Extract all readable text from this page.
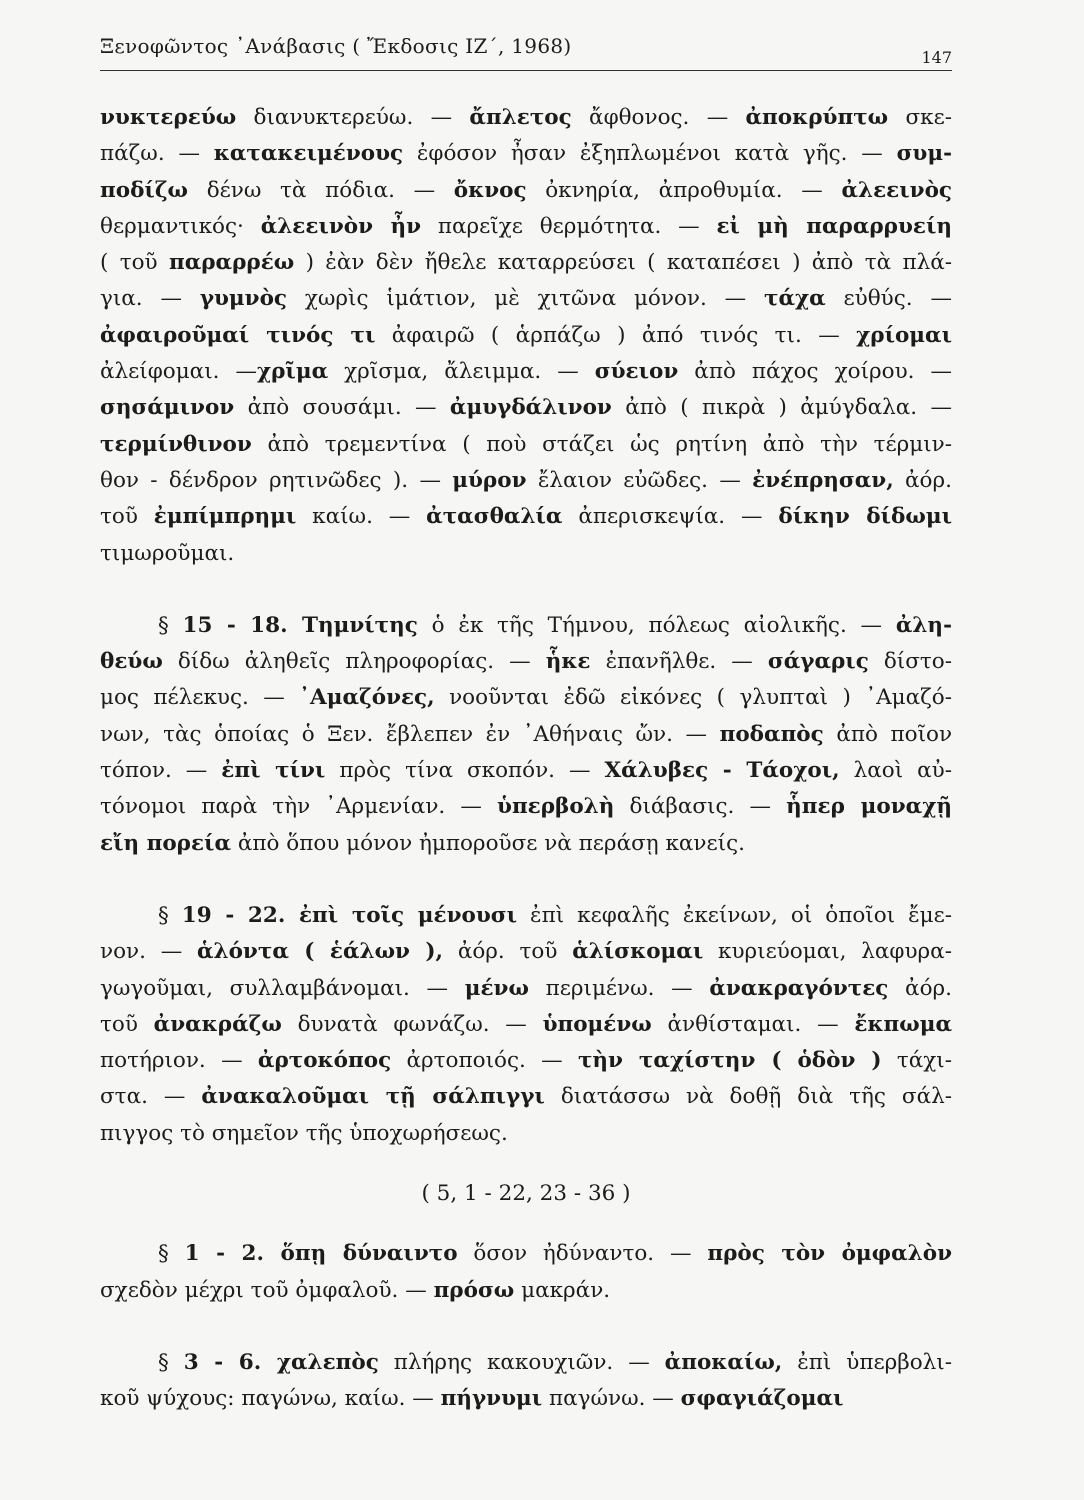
Ξενοφῶντος ᾿Ανάβασις ( Ἔκδοσις ΙΖ΄, 1968)	147
νυκτερεύω διανυκτερεύω. — ἄπλετος ἄφθονος. — ἀποκρύπτω σκε-
πάζω. — κατακειμένους ἐφόσον ἦσαν ἐξηπλωμένοι κατὰ γῆς. — συμ-
ποδίζω δένω τὰ πόδια. — ὄκνος ὀκνηρία, ἀπροθυμία. — ἀλεεινὸς
θερμαντικός· ἀλεεινὸν ἦν παρεῖχε θερμότητα. — εἰ μὴ παραρρυείη
( τοῦ παραρρέω ) ἐὰν δὲν ἤθελε καταρρεύσει ( καταπέσει ) ἀπὸ τὰ πλά-
για. — γυμνὸς χωρὶς ἱμάτιον, μὲ χιτῶνα μόνον. — τάχα εὐθύς. —
ἀφαιροῦμαί τινός τι ἀφαιρῶ ( ἁρπάζω ) ἀπό τινός τι. — χρίομαι
ἀλείφομαι. —χρῖμα χρῖσμα, ἄλειμμα. — σύειον ἀπὸ πάχος χοίρου. —
σησάμινον ἀπὸ σουσάμι. — ἀμυγδάλινον ἀπὸ ( πικρὰ ) ἀμύγδαλα. —
τερμίνθινον ἀπὸ τρεμεντίνα ( ποὺ στάζει ὡς ρητίνη ἀπὸ τὴν τέρμιν-
θον - δένδρον ρητινῶδες ). — μύρον ἔλαιον εὐῶδες. — ἐνέπρησαν, ἀόρ.
τοῦ ἐμπίμπρημι καίω. — ἀτασθαλία ἀπερισκεψία. — δίκην δίδωμι
τιμωροῦμαι.
§ 15 - 18. Τημνίτης ὁ ἐκ τῆς Τήμνου, πόλεως αἰολικῆς. — ἀλη-
θεύω δίδω ἀληθεῖς πληροφορίας. — ἧκε ἐπανῆλθε. — σάγαρις δίστο-
μος πέλεκυς. — ᾿Αμαζόνες, νοοῦνται ἐδῶ εἰκόνες ( γλυπταὶ ) ᾿Αμαζό-
νων, τὰς ὁποίας ὁ Ξεν. ἔβλεπεν ἐν ᾿Αθήναις ὤν. — ποδαπὸς ἀπὸ ποῖον
τόπον. — ἐπὶ τίνι πρὸς τίνα σκοπόν. — Χάλυβες - Τάοχοι, λαοὶ αὐ-
τόνομοι παρὰ τὴν ᾿Αρμενίαν. — ὑπερβολὴ διάβασις. — ἧπερ μοναχῇ
εἴη πορεία ἀπὸ ὅπου μόνον ἠμποροῦσε νὰ περάσῃ κανείς.
§ 19 - 22. ἐπὶ τοῖς μένουσι ἐπὶ κεφαλῆς ἐκείνων, οἱ ὁποῖοι ἔμε-
νον. — ἁλόντα ( ἑάλων ), ἀόρ. τοῦ ἁλίσκομαι κυριεύομαι, λαφυρα-
γωγοῦμαι, συλλαμβάνομαι. — μένω περιμένω. — ἀνακραγόντες ἀόρ.
τοῦ ἀνακράζω δυνατὰ φωνάζω. — ὑπομένω ἀνθίσταμαι. — ἔκπωμα
ποτήριον. — ἀρτοκόπος ἀρτοποιός. — τὴν ταχίστην ( ὁδὸν ) τάχι-
στα. — ἀνακαλοῦμαι τῇ σάλπιγγι διατάσσω νὰ δοθῇ διὰ τῆς σάλ-
πιγγος τὸ σημεῖον τῆς ὑποχωρήσεως.
( 5, 1 - 22, 23 - 36 )
§ 1 - 2. ὅπῃ δύναιντο ὅσον ἠδύναντο. — πρὸς τὸν ὀμφαλὸν
σχεδὸν μέχρι τοῦ ὀμφαλοῦ. — πρόσω μακράν.
§ 3 - 6. χαλεπὸς πλήρης κακουχιῶν. — ἀποκαίω, ἐπὶ ὑπερβολι-
κοῦ ψύχους: παγώνω, καίω. — πήγνυμι παγώνω. — σφαγιάζομαι
